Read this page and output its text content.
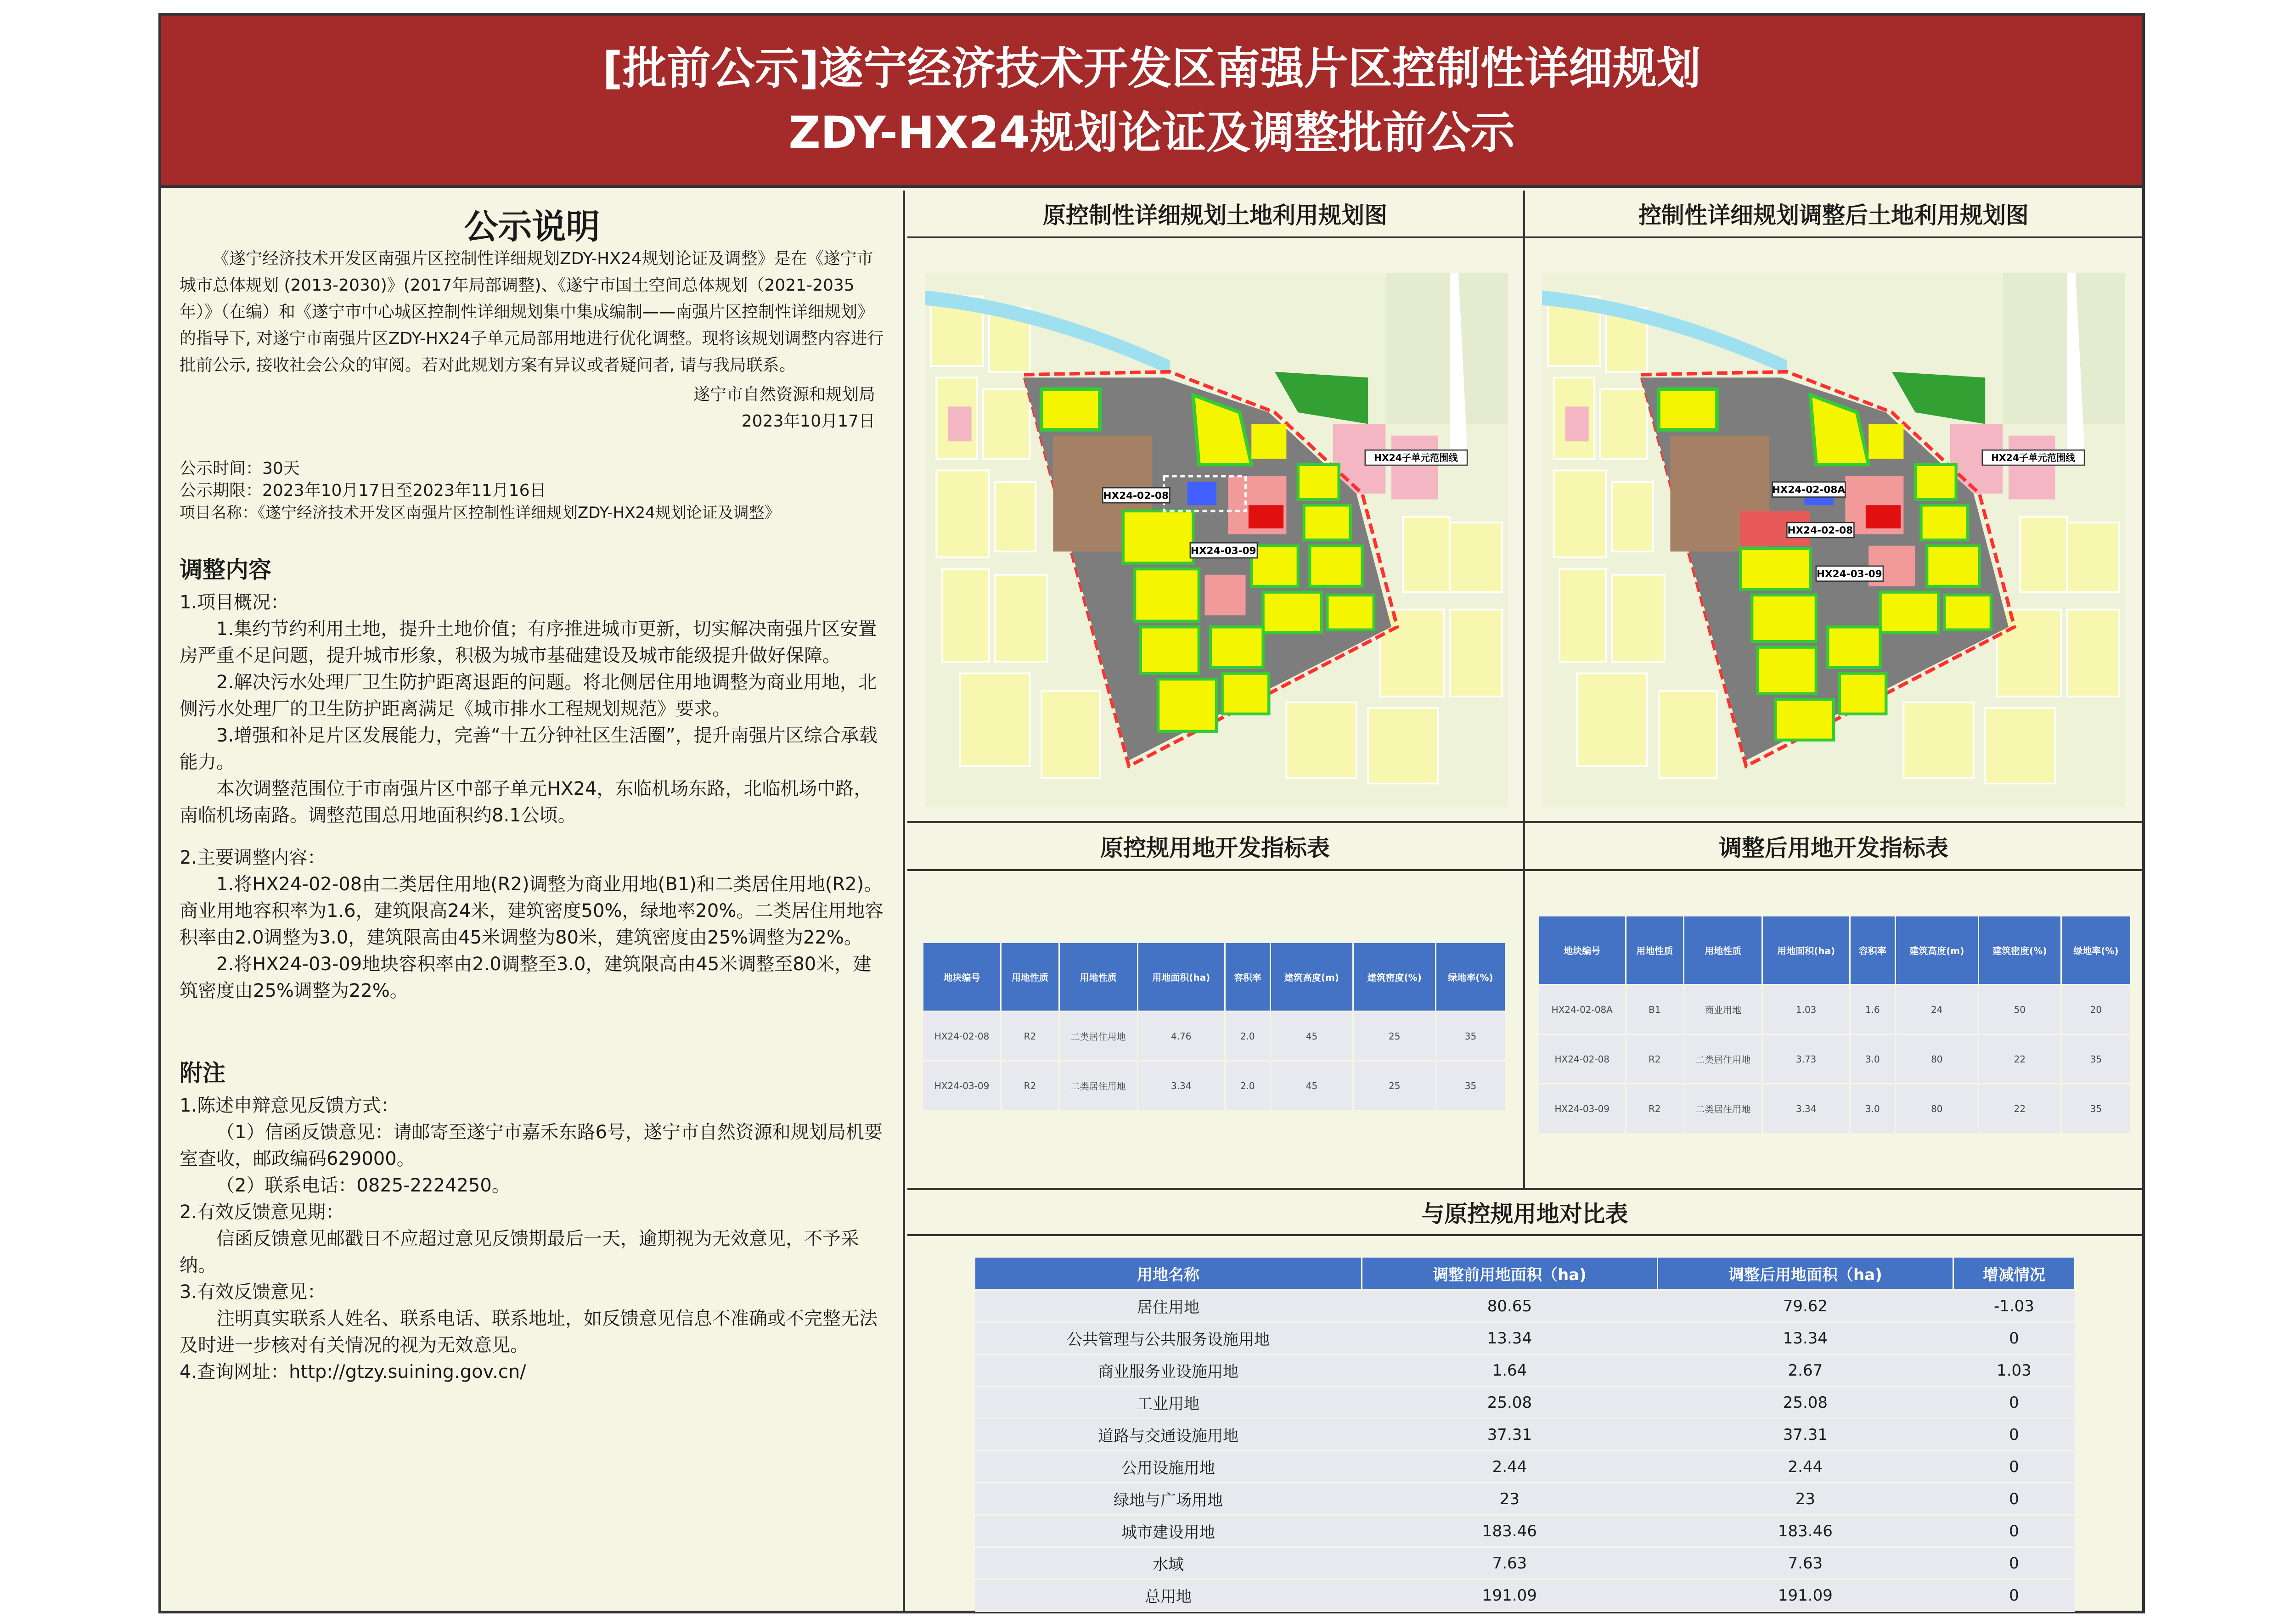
[批前公示]遂宁经济技术开发区南强片区控制性详细规划
ZDY-HX24规划论证及调整批前公示
公示说明

《遂宁经济技术开发区南强片区控制性详细规划ZDY-HX24规划论证及调整》是在《遂宁市城市总体规划 (2013-2030)》(2017年局部调整)、《遂宁市国土空间总体规划（2021-2035年）》（在编）和《遂宁市中心城区控制性详细规划集中集成编制——南强片区控制性详细规划》的指导下, 对遂宁市南强片区ZDY-HX24子单元局部用地进行优化调整。现将该规划调整内容进行批前公示, 接收社会公众的审阅。若对此规划方案有异议或者疑问者, 请与我局联系。

遂宁市自然资源和规划局

2023年10月17日

公示时间：30天

公示期限：2023年10月17日至2023年11月16日

项目名称：《遂宁经济技术开发区南强片区控制性详细规划ZDY-HX24规划论证及调整》

调整内容

1.项目概况：

1.集约节约利用土地，提升土地价值；有序推进城市更新，切实解决南强片区安置房严重不足问题，提升城市形象，积极为城市基础建设及城市能级提升做好保障。

2.解决污水处理厂卫生防护距离退距的问题。将北侧居住用地调整为商业用地，北侧污水处理厂的卫生防护距离满足《城市排水工程规划规范》要求。

3.增强和补足片区发展能力，完善“十五分钟社区生活圈”，提升南强片区综合承载能力。

本次调整范围位于市南强片区中部子单元HX24，东临机场东路，北临机场中路，南临机场南路。调整范围总用地面积约8.1公顷。

2.主要调整内容：

1.将HX24-02-08由二类居住用地(R2)调整为商业用地(B1)和二类居住用地(R2)。商业用地容积率为1.6，建筑限高24米，建筑密度50%，绿地率20%。二类居住用地容积率由2.0调整为3.0，建筑限高由45米调整为80米，建筑密度由25%调整为22%。

2.将HX24-03-09地块容积率由2.0调整至3.0，建筑限高由45米调整至80米，建筑密度由25%调整为22%。

附注

1.陈述申辩意见反馈方式：

（1）信函反馈意见：请邮寄至遂宁市嘉禾东路6号，遂宁市自然资源和规划局机要室查收，邮政编码629000。

（2）联系电话：0825-2224250。

2.有效反馈意见期：

信函反馈意见邮戳日不应超过意见反馈期最后一天，逾期视为无效意见，不予采纳。

3.有效反馈意见：

注明真实联系人姓名、联系电话、联系地址，如反馈意见信息不准确或不完整无法及时进一步核对有关情况的视为无效意见。

4.查询网址：http://gtzy.suining.gov.cn/

原控制性详细规划土地利用规划图	控制性详细规划调整后土地利用规划图
HX24-02-08
HX24-03-09
HX24子单元范围线
HX24-02-08A
HX24-02-08
HX24-03-09
HX24子单元范围线
原控规用地开发指标表	调整后用地开发指标表
地块编号	用地性质	用地性质	用地面积(ha)	容积率	建筑高度(m)	建筑密度(%)	绿地率(%)
HX24-02-08	R2	二类居住用地	4.76	2.0	45	25	35
HX24-03-09	R2	二类居住用地	3.34	2.0	45	25	35
地块编号	用地性质	用地性质	用地面积(ha)	容积率	建筑高度(m)	建筑密度(%)	绿地率(%)
HX24-02-08A	B1	商业用地	1.03	1.6	24	50	20
HX24-02-08	R2	二类居住用地	3.73	3.0	80	22	35
HX24-03-09	R2	二类居住用地	3.34	3.0	80	22	35
与原控规用地对比表
用地名称	调整前用地面积（ha)	调整后用地面积（ha)	增减情况
居住用地	80.65	79.62	-1.03
公共管理与公共服务设施用地	13.34	13.34	0
商业服务业设施用地	1.64	2.67	1.03
工业用地	25.08	25.08	0
道路与交通设施用地	37.31	37.31	0
公用设施用地	2.44	2.44	0
绿地与广场用地	23	23	0
城市建设用地	183.46	183.46	0
水域	7.63	7.63	0
总用地	191.09	191.09	0
